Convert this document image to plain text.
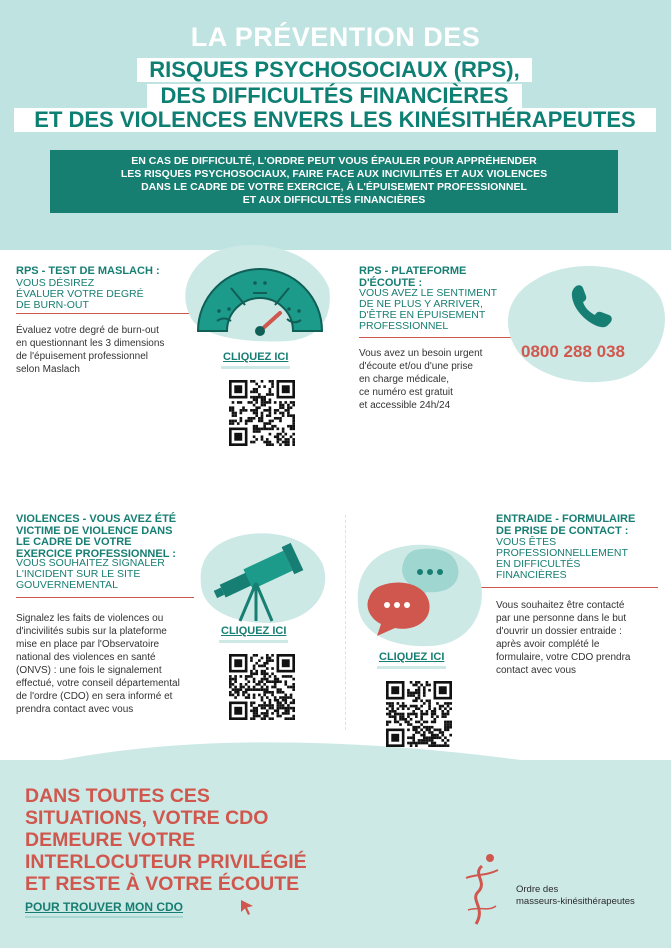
LA PRÉVENTION DES
RISQUES PSYCHOSOCIAUX (RPS),
DES DIFFICULTÉS FINANCIÈRES
ET DES VIOLENCES ENVERS LES KINÉSITHÉRAPEUTES
EN CAS DE DIFFICULTÉ, L'ORDRE PEUT VOUS ÉPAULER POUR APPRÉHENDER
LES RISQUES PSYCHOSOCIAUX, FAIRE FACE AUX INCIVILITÉS ET AUX VIOLENCES
DANS LE CADRE DE VOTRE EXERCICE, À L'ÉPUISEMENT PROFESSIONNEL
ET AUX DIFFICULTÉS FINANCIÈRES
RPS - TEST DE MASLACH :
VOUS DÉSIREZ
ÉVALUER VOTRE DEGRÉ
DE BURN-OUT
Évaluez votre degré de burn-out
en questionnant les 3 dimensions
de l'épuisement professionnel
selon Maslach
CLIQUEZ ICI
RPS - PLATEFORME
D'ÉCOUTE :
VOUS AVEZ LE SENTIMENT
DE NE PLUS Y ARRIVER,
D'ÊTRE EN ÉPUISEMENT
PROFESSIONNEL
Vous avez un besoin urgent
d'écoute et/ou d'une prise
en charge médicale,
ce numéro est gratuit
et accessible 24h/24
0800 288 038
VIOLENCES - VOUS AVEZ ÉTÉ
VICTIME DE VIOLENCE DANS
LE CADRE DE VOTRE
EXERCICE PROFESSIONNEL :
VOUS SOUHAITEZ SIGNALER
L'INCIDENT SUR LE SITE
GOUVERNEMENTAL
Signalez les faits de violences ou
d'incivilités subis sur la plateforme
mise en place par l'Observatoire
national des violences en santé
(ONVS) : une fois le signalement
effectué, votre conseil départemental
de l'ordre (CDO) en sera informé et
prendra contact avec vous
CLIQUEZ ICI
ENTRAIDE - FORMULAIRE
DE PRISE DE CONTACT :
VOUS ÊTES
PROFESSIONNELLEMENT
EN DIFFICULTÉS
FINANCIÈRES
Vous souhaitez être contacté
par une personne dans le but
d'ouvrir un dossier entraide :
après avoir complété le
formulaire, votre CDO prendra
contact avec vous
CLIQUEZ ICI
DANS TOUTES CES
SITUATIONS, VOTRE CDO
DEMEURE VOTRE
INTERLOCUTEUR PRIVILÉGIÉ
ET RESTE À VOTRE ÉCOUTE
POUR TROUVER MON CDO
Ordre des
masseurs-kinésithérapeutes
